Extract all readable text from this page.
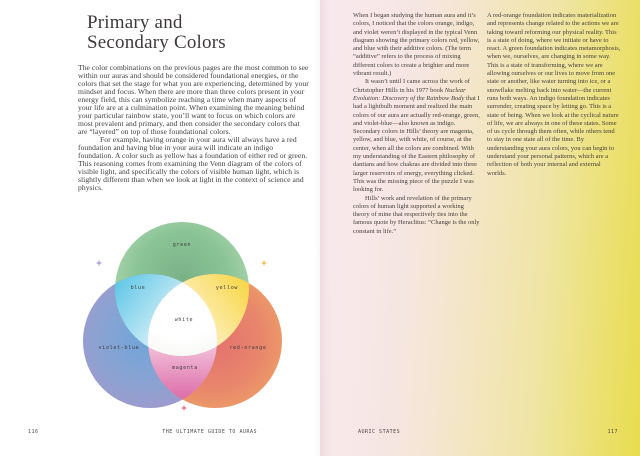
Primary and
Secondary Colors

The color combinations on the previous pages are the most common to see within our auras and should be considered foundational energies, or the colors that set the stage for what you are experiencing, determined by your mindset and focus. When there are more than three colors present in your energy field, this can symbolize reaching a time when many aspects of your life are at a culmination point. When examining the meaning behind your particular rainbow state, you’ll want to focus on which colors are most prevalent and primary, and then consider the secondary colors that are “layered” on top of those foundational colors.

For example, having orange in your aura will always have a red foundation and having blue in your aura will indicate an indigo foundation. A color such as yellow has a foundation of either red or green. This reasoning comes from examining the Venn diagram of the colors of visible light, and specifically the colors of visible human light, which is slightly different than when we look at light in the context of science and physics.

green
blue	yellow
white
violet-blue
magenta
red-orange
116	THE ULTIMATE GUIDE TO AURAS

When I began studying the human aura and it’s colors, I noticed that the colors orange, indigo, and violet weren’t displayed in the typical Venn diagram showing the primary colors red, yellow, and blue with their additive colors. (The term “additive” refers to the process of mixing different colors to create a brighter and more vibrant result.)

It wasn’t until I came across the work of Christopher Hills in his 1977 book Nuclear Evolution: Discovery of the Rainbow Body that I had a lightbulb moment and realized the main colors of our aura are actually red-orange, green, and violet-blue—also known as indigo. Secondary colors in Hills’ theory are magenta, yellow, and blue, with white, of course, at the center, when all the colors are combined. With my understanding of the Eastern philosophy of dantians and how chakras are divided into three larger reservoirs of energy, everything clicked. This was the missing piece of the puzzle I was looking for.

Hills’ work and revelation of the primary colors of human light supported a working theory of mine that respectively ties into the famous quote by Heraclitus: “Change is the only constant in life.”

A red-orange foundation indicates materialization and represents change related to the actions we are taking toward reforming our physical reality. This is a state of doing, where we initiate or have to react. A green foundation indicates metamorphosis, when we, ourselves, are changing in some way. This is a state of transforming, where we are allowing ourselves or our lives to move from one state or another, like water turning into ice, or a snowflake melting back into water—the current runs both ways. An indigo foundation indicates surrender, creating space by letting go. This is a state of being. When we look at the cyclical nature of life, we are always in one of these states. Some of us cycle through them often, while others tend to stay in one state all of the time. By understanding your aura colors, you can begin to understand your personal patterns, which are a reflection of both your internal and external worlds.

AURIC STATES	117
